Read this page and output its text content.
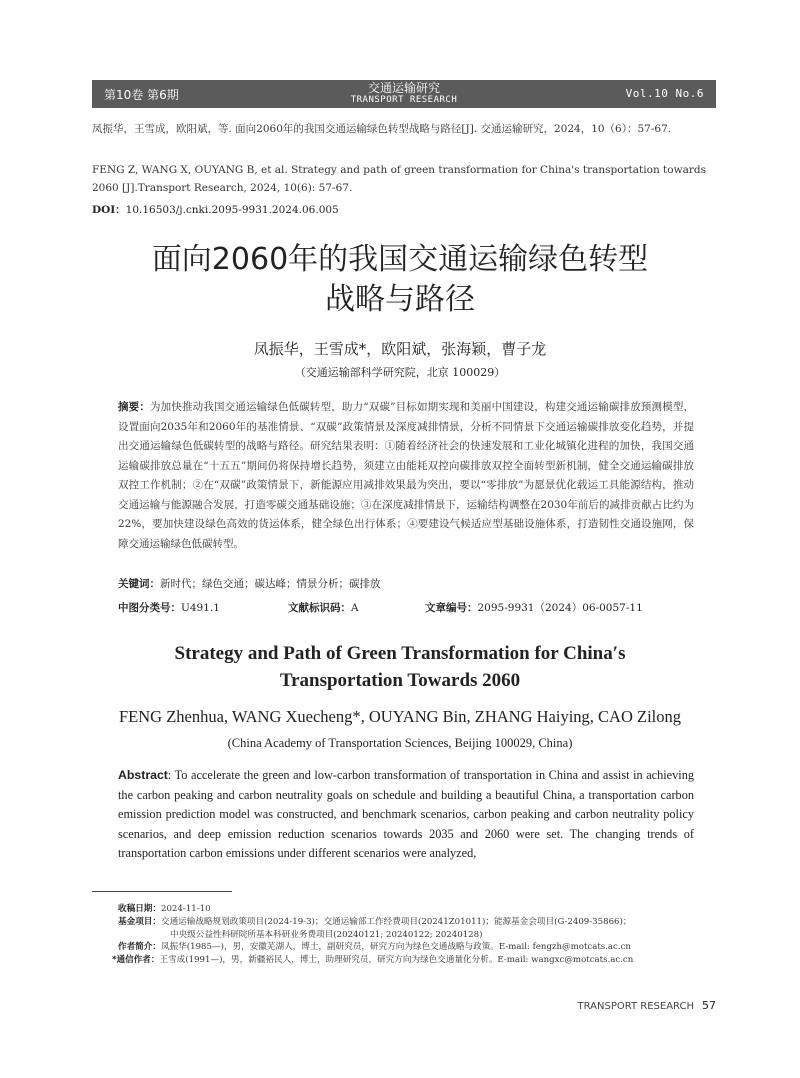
第10卷 第6期	交通运输研究
TRANSPORT RESEARCH	Vol.10 No.6

凤振华，王雪成，欧阳斌，等. 面向2060年的我国交通运输绿色转型战略与路径[J]. 交通运输研究，2024，10（6）：57-67.

FENG Z, WANG X, OUYANG B, et al. Strategy and path of green transformation for China's transportation towards 2060 [J].Transport Research, 2024, 10(6): 57-67.

DOI：10.16503/j.cnki.2095-9931.2024.06.005
面向2060年的我国交通运输绿色转型
战略与路径
凤振华，王雪成*，欧阳斌，张海颖，曹子龙
（交通运输部科学研究院，北京 100029）
摘要：为加快推动我国交通运输绿色低碳转型，助力“双碳”目标如期实现和美丽中国建设，构建交通运输碳排放预测模型，设置面向2035年和2060年的基准情景、“双碳”政策情景及深度减排情景，分析不同情景下交通运输碳排放变化趋势，并提出交通运输绿色低碳转型的战略与路径。研究结果表明：①随着经济社会的快速发展和工业化城镇化进程的加快，我国交通运输碳排放总量在“十五五”期间仍将保持增长趋势，须建立由能耗双控向碳排放双控全面转型新机制，健全交通运输碳排放双控工作机制；②在“双碳”政策情景下，新能源应用减排效果最为突出，要以“零排放”为愿景优化载运工具能源结构，推动交通运输与能源融合发展，打造零碳交通基础设施；③在深度减排情景下，运输结构调整在2030年前后的减排贡献占比约为22%，要加快建设绿色高效的货运体系，健全绿色出行体系；④要建设气候适应型基础设施体系，打造韧性交通设施网，保障交通运输绿色低碳转型。
关键词：新时代；绿色交通；碳达峰；情景分析；碳排放
中图分类号：U491.1	文献标识码：A	文章编号：2095-9931（2024）06-0057-11
Strategy and Path of Green Transformation for China′s
Transportation Towards 2060
FENG Zhenhua, WANG Xuecheng*, OUYANG Bin, ZHANG Haiying, CAO Zilong
(China Academy of Transportation Sciences, Beijing 100029, China)
Abstract: To accelerate the green and low-carbon transformation of transportation in China and assist in achieving the carbon peaking and carbon neutrality goals on schedule and building a beautiful China, a transportation carbon emission prediction model was constructed, and benchmark scenarios, carbon peaking and carbon neutrality policy scenarios, and deep emission reduction scenarios towards 2035 and 2060 were set. The changing trends of transportation carbon emissions under different scenarios were analyzed,
收稿日期： 2024-11-10
基金项目： 交通运输战略规划政策项目(2024-19-3)；交通运输部工作经费项目(20241Z01011)；能源基金会项目(G-2409-35866)；
中央级公益性科研院所基本科研业务费项目(20240121; 20240122; 20240128)
作者简介： 凤振华(1985—)，男，安徽芜湖人，博士，副研究员，研究方向为绿色交通战略与政策。E-mail: fengzh@motcats.ac.cn
*通信作者： 王雪成(1991—)，男，新疆裕民人，博士，助理研究员，研究方向为绿色交通量化分析。E-mail: wangxc@motcats.ac.cn
TRANSPORT RESEARCH 57
